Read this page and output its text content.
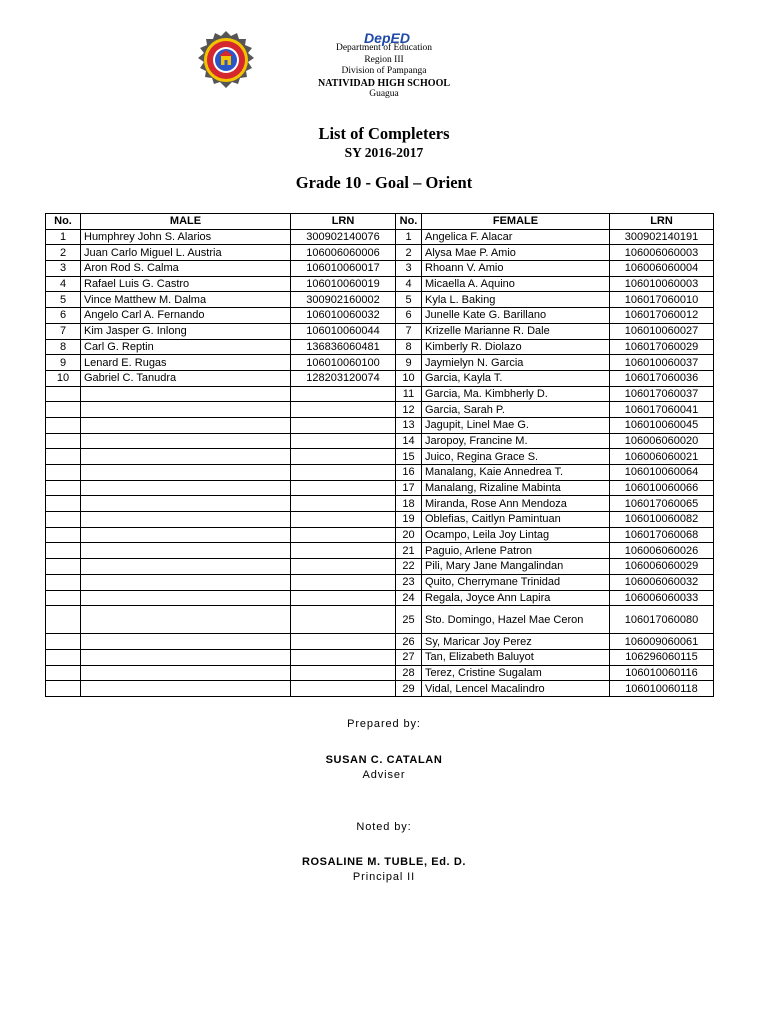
DepED
Department of Education
Region III
Division of Pampanga
NATIVIDAD HIGH SCHOOL
Guagua
List of Completers
SY 2016-2017
Grade 10 - Goal – Orient
No.	MALE	LRN	No.	FEMALE	LRN
1	Humphrey John S. Alarios	300902140076	1	Angelica F. Alacar	300902140191
2	Juan Carlo Miguel L. Austria	106006060006	2	Alysa Mae P. Amio	106006060003
3	Aron Rod S. Calma	106010060017	3	Rhoann V. Amio	106006060004
4	Rafael Luis G. Castro	106010060019	4	Micaella A. Aquino	106010060003
5	Vince Matthew M. Dalma	300902160002	5	Kyla L. Baking	106017060010
6	Angelo Carl A. Fernando	106010060032	6	Junelle Kate G. Barillano	106017060012
7	Kim Jasper G. Inlong	106010060044	7	Krizelle Marianne R. Dale	106010060027
8	Carl G. Reptin	136836060481	8	Kimberly R. Diolazo	106017060029
9	Lenard E. Rugas	106010060100	9	Jaymielyn N. Garcia	106010060037
10	Gabriel C. Tanudra	128203120074	10	Garcia, Kayla T.	106017060036
			11	Garcia, Ma. Kimbherly D.	106017060037
			12	Garcia, Sarah P.	106017060041
			13	Jagupit, Linel Mae G.	106010060045
			14	Jaropoy, Francine M.	106006060020
			15	Juico, Regina Grace S.	106006060021
			16	Manalang, Kaie Annedrea T.	106010060064
			17	Manalang, Rizaline Mabinta	106010060066
			18	Miranda, Rose Ann Mendoza	106017060065
			19	Oblefias, Caitlyn Pamintuan	106010060082
			20	Ocampo, Leila Joy Lintag	106017060068
			21	Paguio, Arlene Patron	106006060026
			22	Pili, Mary Jane Mangalindan	106006060029
			23	Quito, Cherrymane Trinidad	106006060032
			24	Regala, Joyce Ann Lapira	106006060033
			25	Sto. Domingo, Hazel Mae Ceron	106017060080
			26	Sy, Maricar Joy Perez	106009060061
			27	Tan, Elizabeth Baluyot	106296060115
			28	Terez, Cristine Sugalam	106010060116
			29	Vidal, Lencel Macalindro	106010060118
Prepared by:
SUSAN C. CATALAN
Adviser
Noted by:
ROSALINE M. TUBLE, Ed. D.
Principal II
